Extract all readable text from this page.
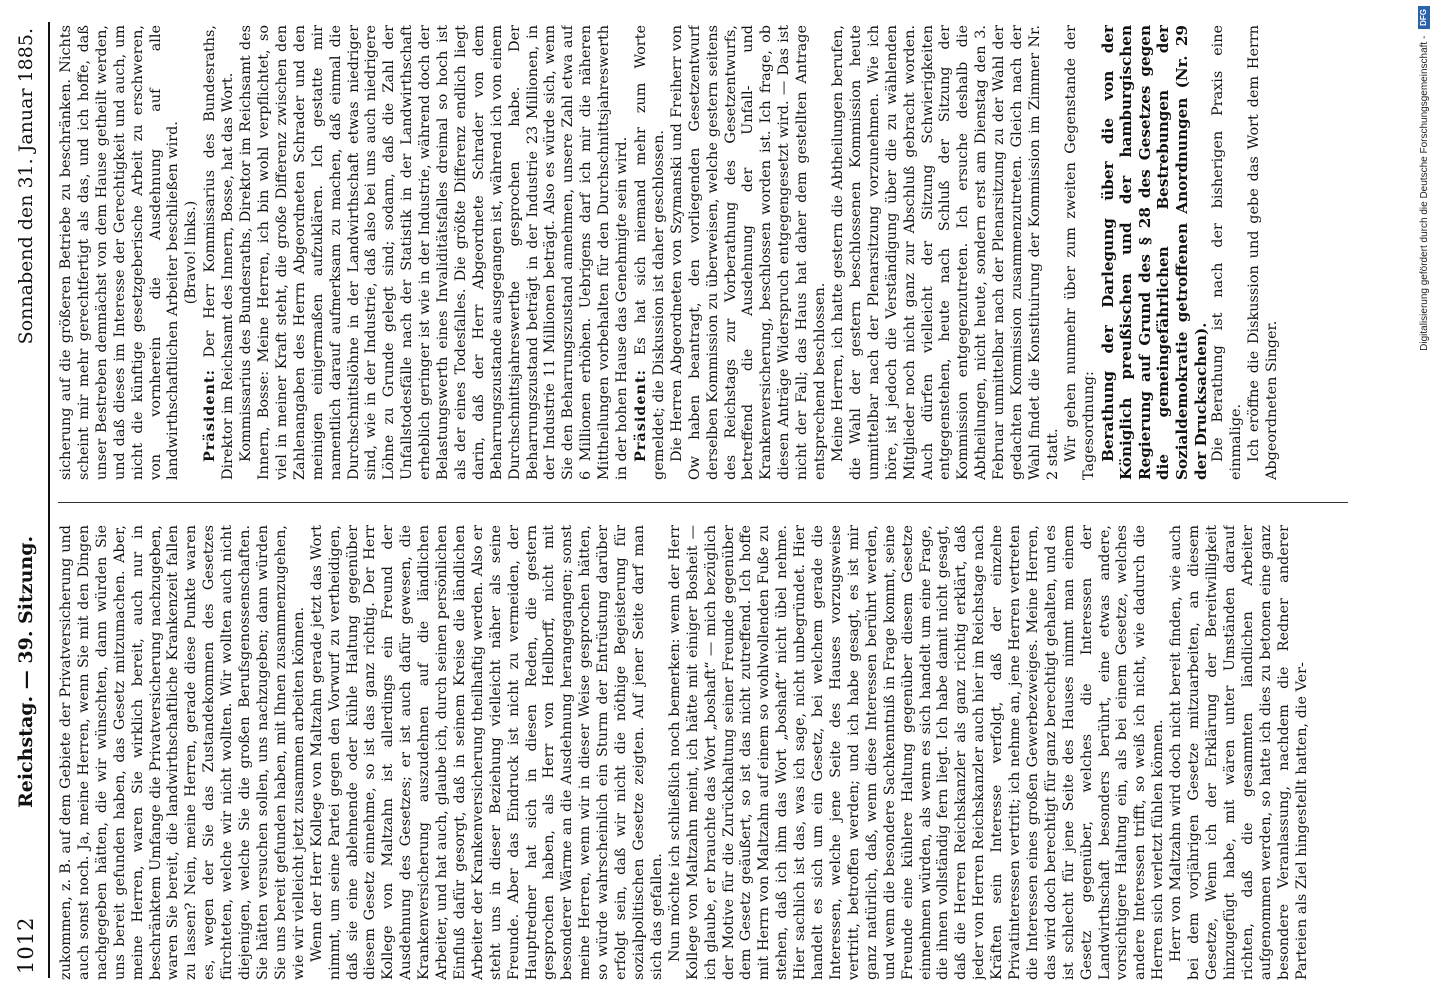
1012
Reichstag. — 39. Sitzung.
Sonnabend den 31. Januar 1885.

zukommen, z. B. auf dem Gebiete der Privatversicherung und auch sonst noch. Ja, meine Herren, wenn Sie mit den Dingen nachgegeben hätten, die wir wünschten, dann würden Sie uns bereit gefunden haben, das Gesetz mitzumachen. Aber, meine Herren, waren Sie wirklich bereit, auch nur in beschränktem Umfange die Privatversicherung nachzugeben, waren Sie bereit, die landwirthschaftliche Krankenzeit fallen zu lassen? Nein, meine Herren, gerade diese Punkte waren es, wegen der Sie das Zustandekommen des Gesetzes fürchteten, welche wir nicht wollten. Wir wollten auch nicht diejenigen, welche Sie die großen Berufsgenossenschaften. Sie hätten versuchen sollen, uns nachzugeben; dann würden Sie uns bereit gefunden haben, mit Ihnen zusammenzugehen, wie wir vielleicht jetzt zusammen arbeiten können. Wenn der Herr Kollege von Maltzahn gerade jetzt das Wort nimmt, um seine Partei gegen den Vorwurf zu vertheidigen, daß sie eine ablehnende oder kühle Haltung gegenüber diesem Gesetz einnehme, so ist das ganz richtig. Der Herr Kollege von Maltzahn ist allerdings ein Freund der Ausdehnung des Gesetzes; er ist auch dafür gewesen, die Krankenversicherung auszudehnen auf die ländlichen Arbeiter, und hat auch, glaube ich, durch seinen persönlichen Einfluß dafür gesorgt, daß in seinem Kreise die ländlichen Arbeiter der Krankenversicherung theilhaftig werden. Also er steht uns in dieser Beziehung vielleicht näher als seine Freunde. Aber das Eindruck ist nicht zu vermeiden, der Hauptredner hat sich in diesen Reden, die gestern gesprochen haben, als Herr von Hellborff, nicht mit besonderer Wärme an die Ausdehnung herangegangen; sonst meine Herren, wenn wir in dieser Weise gesprochen hätten, so würde wahrscheinlich ein Sturm der Entrüstung darüber erfolgt sein, daß wir nicht die nöthige Begeisterung für sozialpolitischen Gesetze zeigten. Auf jener Seite darf man sich das gefallen. Nun möchte ich schließlich noch bemerken: wenn der Herr Kollege von Maltzahn meint, ich hätte mit einiger Bosheit — ich glaube, er brauchte das Wort „boshaft“ — mich bezüglich der Motive für die Zurückhaltung seiner Freunde gegenüber dem Gesetz geäußert, so ist das nicht zutreffend. Ich hoffe mit Herrn von Maltzahn auf einem so wohlwollenden Fuße zu stehen, daß ich ihm das Wort „boshaft“ nicht übel nehme. Hier sachlich ist das, was ich sage, nicht unbegründet. Hier handelt es sich um ein Gesetz, bei welchem gerade die Interessen, welche jene Seite des Hauses vorzugsweise vertritt, betroffen werden; und ich habe gesagt, es ist mir ganz natürlich, daß, wenn diese Interessen berührt werden, und wenn die besondere Sachkenntniß in Frage kommt, seine Freunde eine kühlere Haltung gegenüber diesem Gesetze einnehmen würden, als wenn es sich handelt um eine Frage, die ihnen vollständig fern liegt. Ich habe damit nicht gesagt, daß die Herren Reichskanzler als ganz richtig erklärt, daß jeder von Herren Reichskanzler auch hier im Reichstage nach Kräften sein Interesse verfolgt, daß der einzelne Privatinteressen vertritt; ich nehme an, jene Herren vertreten die Interessen eines großen Gewerbezweiges. Meine Herren, das wird doch berechtigt für ganz berechtigt gehalten, und es ist schlecht für jene Seite des Hauses nimmt man einem Gesetz gegenüber, welches die Interessen der Landwirthschaft besonders berührt, eine etwas andere, vorsichtigere Haltung ein, als bei einem Gesetze, welches andere Interessen trifft, so weiß ich nicht, wie dadurch die Herren sich verletzt fühlen können. Herr von Maltzahn wird doch nicht bereit finden, wie auch bei dem vorjährigen Gesetze mitzuarbeiten, an diesem Gesetze, Wenn ich der Erklärung der Bereitwilligkeit hinzugefügt habe, mit wären unter Umständen darauf richten, daß die gesammten ländlichen Arbeiter aufgenommen werden, so hatte ich dies zu betonen eine ganz besondere Veranlassung, nachdem die Redner anderer Parteien als Ziel hingestellt hatten, die Ver-

sicherung auf die größeren Betriebe zu beschränken. Nichts scheint mir mehr gerechtfertigt als das, und ich hoffe, daß unser Bestreben demnächst von dem Hause getheilt werden, und daß dieses im Interesse der Gerechtigkeit und auch, um nicht die künftige gesetzgeberische Arbeit zu erschweren, von vornherein die Ausdehnung auf alle landwirthschaftlichen Arbeiter beschließen wird. (Bravo! links.)

Präsident: Der Herr Kommissarius des Bundesraths, Direktor im Reichsamt des Innern, Bosse, hat das Wort. Kommissarius des Bundesraths, Direktor im Reichsamt des Innern, Bosse: Meine Herren, ich bin wohl verpflichtet, so viel in meiner Kraft steht, die große Differenz zwischen den Zahlenangaben des Herrn Abgeordneten Schrader und den meinigen einigermaßen aufzuklären. Ich gestatte mir namentlich darauf aufmerksam zu machen, daß einmal die Durchschnittslöhne in der Landwirthschaft etwas niedriger sind, wie in der Industrie, daß also bei uns auch niedrigere Löhne zu Grunde gelegt sind; sodann, daß die Zahl der Unfallstodesfälle nach der Statistik in der Landwirthschaft erheblich geringer ist wie in der Industrie, während doch der Belastungswerth eines Invaliditätsfalles dreimal so hoch ist als der eines Todesfalles. Die größte Differenz endlich liegt darin, daß der Herr Abgeordnete Schrader von dem Beharrungszustande ausgegangen ist, während ich von einem Durchschnittsjahreswerthe gesprochen habe. Der Beharrungszustand beträgt in der Industrie 23 Millionen, in der Industrie 11 Millionen beträgt. Also es würde sich, wenn Sie den Beharrungszustand annehmen, unsere Zahl etwa auf 6 Millionen erhöhen. Uebrigens darf ich mir die näheren Mittheilungen vorbehalten für den Durchschnittsjahreswerth in der hohen Hause das Genehmigte sein wird. Präsident: Es hat sich niemand mehr zum Worte gemeldet; die Diskussion ist daher geschlossen. Die Herren Abgeordneten von Szymanski und Freiherr von Ow haben beantragt, den vorliegenden Gesetzentwurf derselben Kommission zu überweisen, welche gestern seitens des Reichstags zur Vorberathung des Gesetzentwurfs, betreffend die Ausdehnung der Unfall- und Krankenversicherung, beschlossen worden ist. Ich frage, ob diesen Anträge Widerspruch entgegengesetzt wird. — Das ist nicht der Fall; das Haus hat daher dem gestellten Antrage entsprechend beschlossen. Meine Herren, ich hatte gestern die Abtheilungen berufen, die Wahl der gestern beschlossenen Kommission heute unmittelbar nach der Plenarsitzung vorzunehmen. Wie ich höre, ist jedoch die Verständigung über die zu wählenden Mitglieder noch nicht ganz zur Abschluß gebracht worden. Auch dürfen vielleicht der Sitzung Schwierigkeiten entgegenstehen, heute nach Schluß der Sitzung der Kommission entgegenzutreten. Ich ersuche deshalb die Abtheilungen, nicht heute, sondern erst am Dienstag den 3. Februar unmittelbar nach der Plenarsitzung zu der Wahl der gedachten Kommission zusammenzutreten. Gleich nach der Wahl findet die Konstituirung der Kommission im Zimmer Nr. 2 statt. Wir gehen nunmehr über zum zweiten Gegenstande der Tagesordnung: Berathung der Darlegung über die von der Königlich preußischen und der hamburgischen Regierung auf Grund des § 28 des Gesetzes gegen die gemeingefährlichen Bestrebungen der Sozialdemokratie getroffenen Anordnungen (Nr. 29 der Drucksachen). Die Berathung ist nach der bisherigen Praxis eine einmalige. Ich eröffne die Diskussion und gebe das Wort dem Herrn Abgeordneten Singer.

Digitalisierung gefördert durch die Deutsche Forschungsgemeinschaft - DFG
